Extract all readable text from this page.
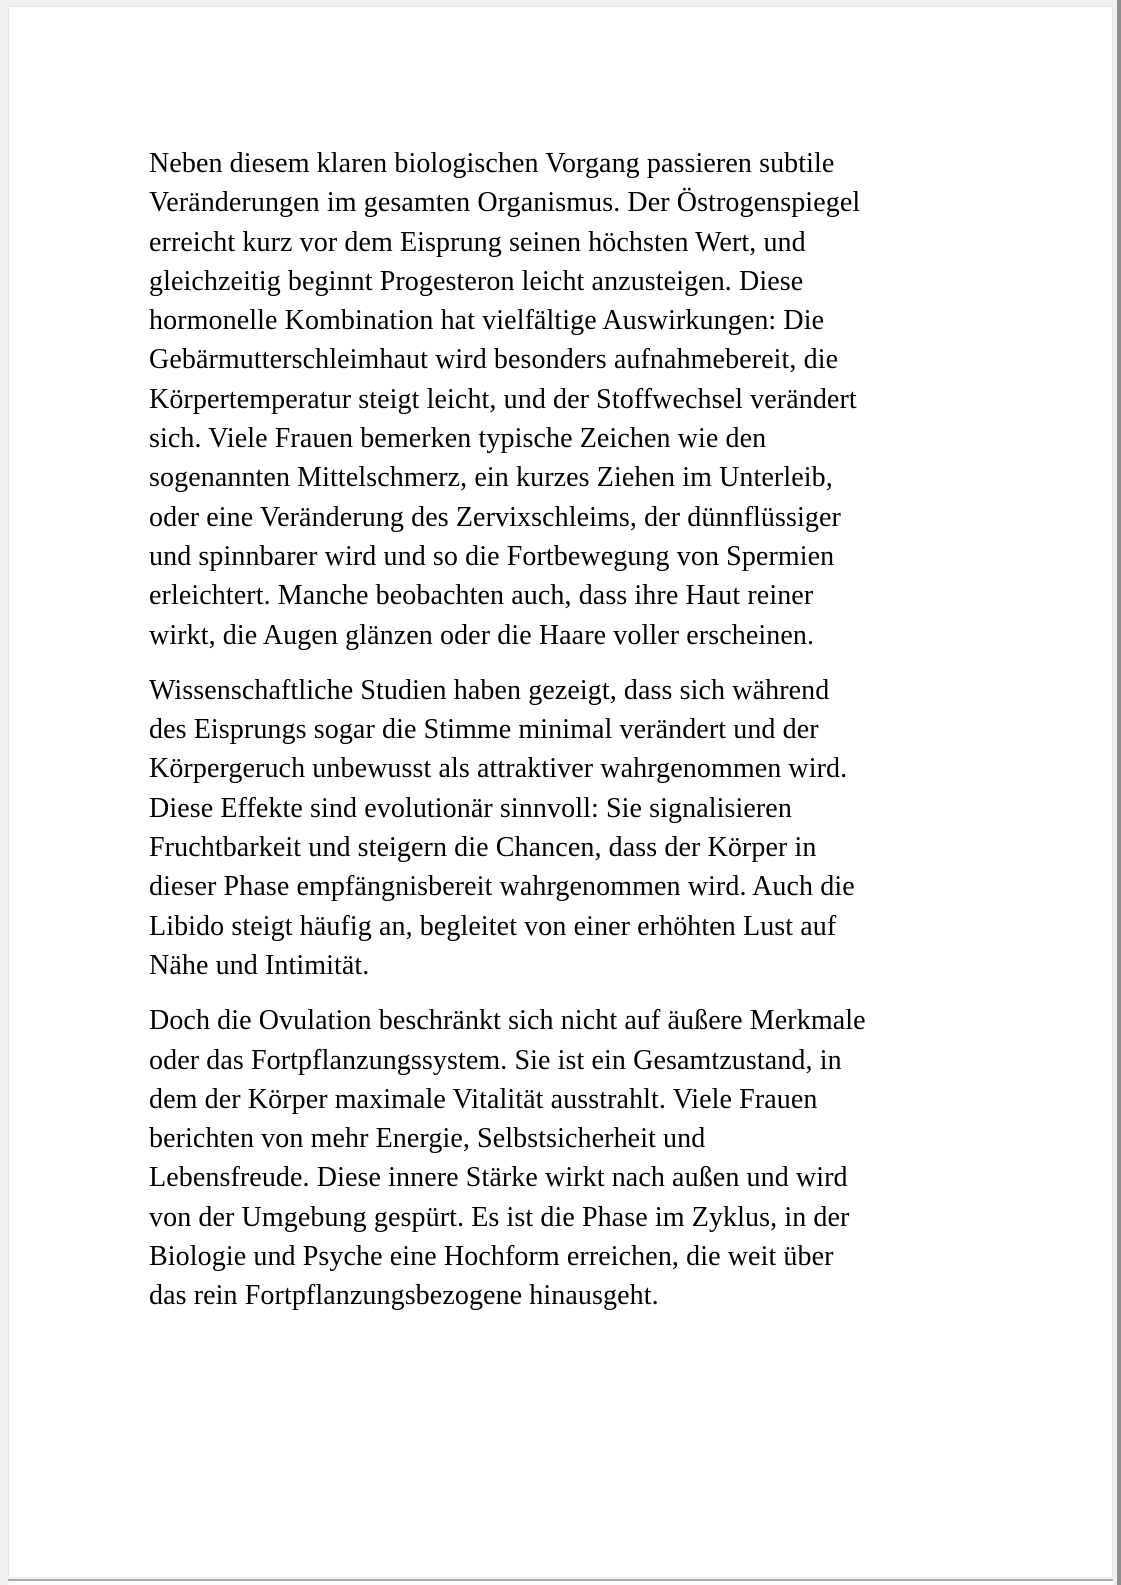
Neben diesem klaren biologischen Vorgang passieren subtile
Veränderungen im gesamten Organismus. Der Östrogenspiegel
erreicht kurz vor dem Eisprung seinen höchsten Wert, und
gleichzeitig beginnt Progesteron leicht anzusteigen. Diese
hormonelle Kombination hat vielfältige Auswirkungen: Die
Gebärmutterschleimhaut wird besonders aufnahmebereit, die
Körpertemperatur steigt leicht, und der Stoffwechsel verändert
sich. Viele Frauen bemerken typische Zeichen wie den
sogenannten Mittelschmerz, ein kurzes Ziehen im Unterleib,
oder eine Veränderung des Zervixschleims, der dünnflüssiger
und spinnbarer wird und so die Fortbewegung von Spermien
erleichtert. Manche beobachten auch, dass ihre Haut reiner
wirkt, die Augen glänzen oder die Haare voller erscheinen.
Wissenschaftliche Studien haben gezeigt, dass sich während
des Eisprungs sogar die Stimme minimal verändert und der
Körpergeruch unbewusst als attraktiver wahrgenommen wird.
Diese Effekte sind evolutionär sinnvoll: Sie signalisieren
Fruchtbarkeit und steigern die Chancen, dass der Körper in
dieser Phase empfängnisbereit wahrgenommen wird. Auch die
Libido steigt häufig an, begleitet von einer erhöhten Lust auf
Nähe und Intimität.
Doch die Ovulation beschränkt sich nicht auf äußere Merkmale
oder das Fortpflanzungssystem. Sie ist ein Gesamtzustand, in
dem der Körper maximale Vitalität ausstrahlt. Viele Frauen
berichten von mehr Energie, Selbstsicherheit und
Lebensfreude. Diese innere Stärke wirkt nach außen und wird
von der Umgebung gespürt. Es ist die Phase im Zyklus, in der
Biologie und Psyche eine Hochform erreichen, die weit über
das rein Fortpflanzungsbezogene hinausgeht.
